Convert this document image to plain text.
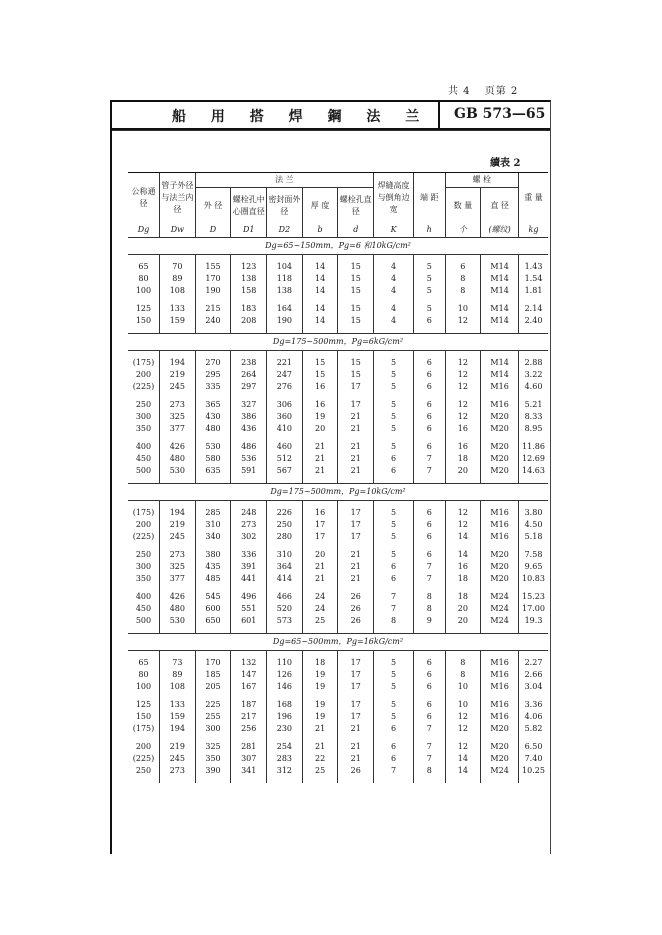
共 4 页第 2
船 用 搭 焊 鋼 法 兰 GB 573—65
續表 2
公称通径	管子外径与法兰内径	法 兰					焊縫高度与倒角边宽	端 距	螺 栓		重 量
		外 径	螺栓孔中心圈直径	密封面外径	厚 度	螺栓孔直径			数 量	直 径	
Dg	Dw	D	D1	D2	b	d	K	h	个	(螺纹)	kg
Dg=65~150mm，Pg=6 和10kG/cm²											

65	70	155	123	104	14	15	4	5	6	M14	1.43
80	89	170	138	118	14	15	4	5	8	M14	1.54
100	108	190	158	138	14	15	4	5	8	M14	1.81

125	133	215	183	164	14	15	4	5	10	M14	2.14
150	159	240	208	190	14	15	4	6	12	M14	2.40

Dg=175~500mm，Pg=6kG/cm²											

(175)	194	270	238	221	15	15	5	6	12	M14	2.88
200	219	295	264	247	15	15	5	6	12	M14	3.22
(225)	245	335	297	276	16	17	5	6	12	M16	4.60

250	273	365	327	306	16	17	5	6	12	M16	5.21
300	325	430	386	360	19	21	5	6	12	M20	8.33
350	377	480	436	410	20	21	5	6	16	M20	8.95

400	426	530	486	460	21	21	5	6	16	M20	11.86
450	480	580	536	512	21	21	6	7	18	M20	12.69
500	530	635	591	567	21	21	6	7	20	M20	14.63

Dg=175~500mm，Pg=10kG/cm²											

(175)	194	285	248	226	16	17	5	6	12	M16	3.80
200	219	310	273	250	17	17	5	6	12	M16	4.50
(225)	245	340	302	280	17	17	5	6	14	M16	5.18

250	273	380	336	310	20	21	5	6	14	M20	7.58
300	325	435	391	364	21	21	6	7	16	M20	9.65
350	377	485	441	414	21	21	6	7	18	M20	10.83

400	426	545	496	466	24	26	7	8	18	M24	15.23
450	480	600	551	520	24	26	7	8	20	M24	17.00
500	530	650	601	573	25	26	8	9	20	M24	19.3

Dg=65~500mm，Pg=16kG/cm²											

65	73	170	132	110	18	17	5	6	8	M16	2.27
80	89	185	147	126	19	17	5	6	8	M16	2.66
100	108	205	167	146	19	17	5	6	10	M16	3.04

125	133	225	187	168	19	17	5	6	10	M16	3.36
150	159	255	217	196	19	17	5	6	12	M16	4.06
(175)	194	300	256	230	21	21	6	7	12	M20	5.82

200	219	325	281	254	21	21	6	7	12	M20	6.50
(225)	245	350	307	283	22	21	6	7	14	M20	7.40
250	273	390	341	312	25	26	7	8	14	M24	10.25
